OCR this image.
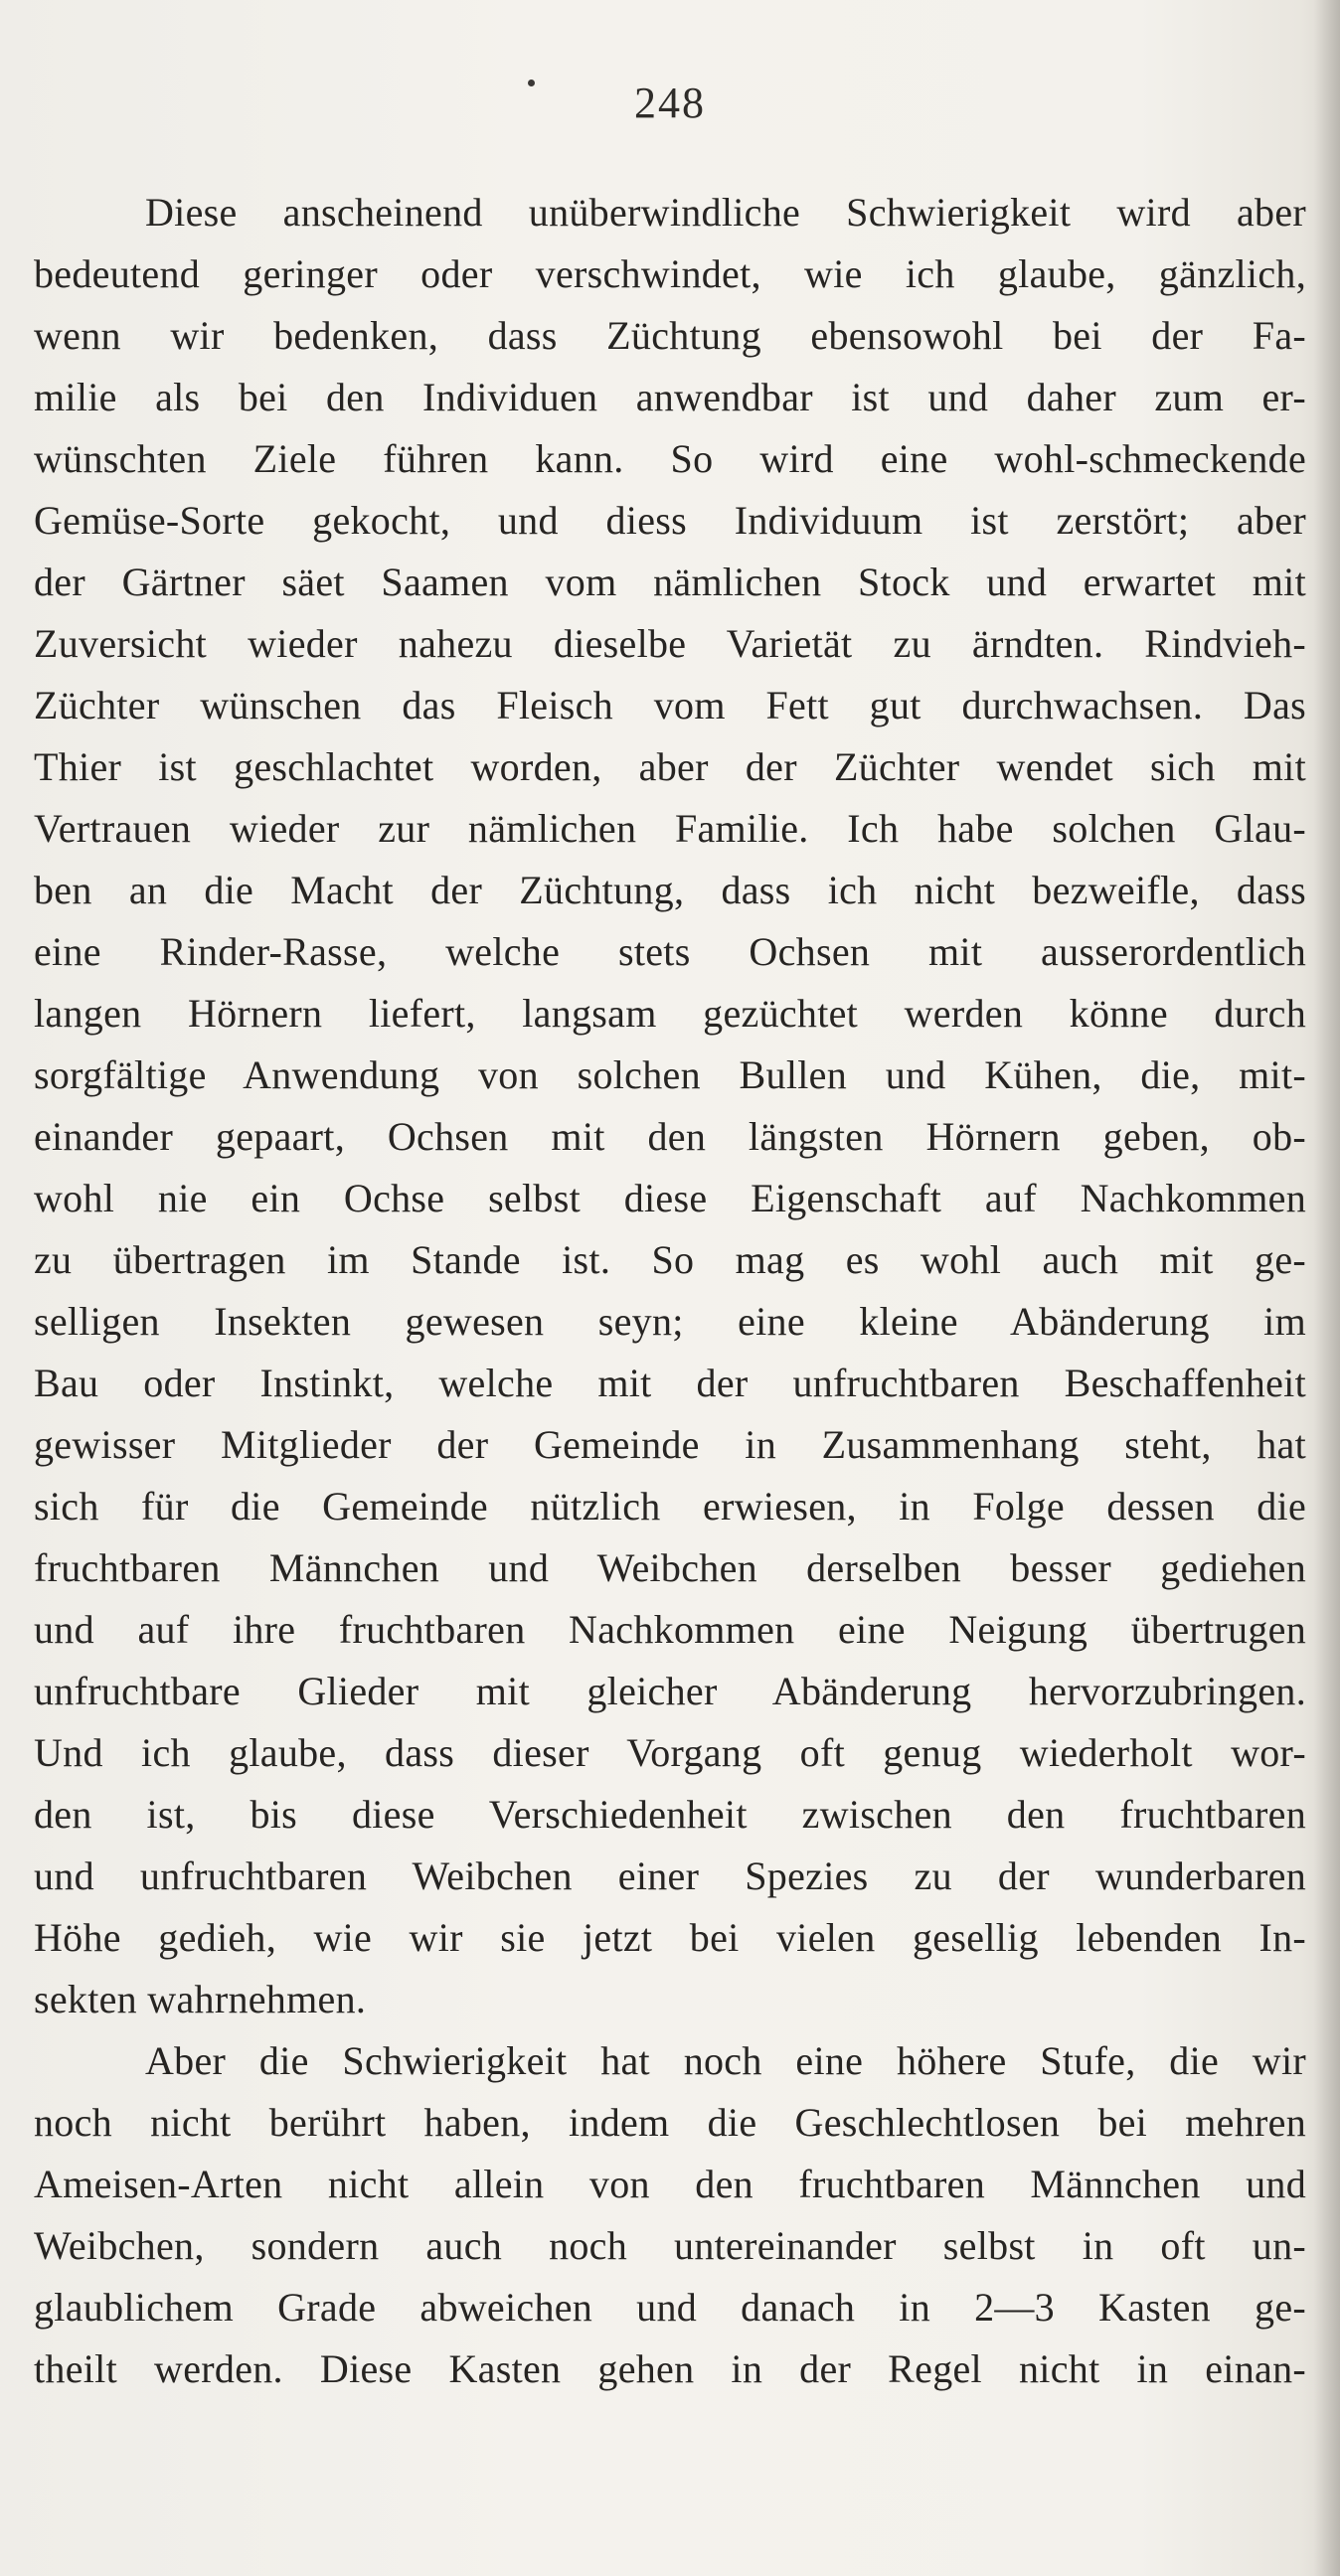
248
Diese anscheinend unüberwindliche Schwierigkeit wird aber
bedeutend geringer oder verschwindet, wie ich glaube, gänzlich,
wenn wir bedenken, dass Züchtung ebensowohl bei der Fa-
milie als bei den Individuen anwendbar ist und daher zum er-
wünschten Ziele führen kann. So wird eine wohl-schmeckende
Gemüse-Sorte gekocht, und diess Individuum ist zerstört; aber
der Gärtner säet Saamen vom nämlichen Stock und erwartet mit
Zuversicht wieder nahezu dieselbe Varietät zu ärndten. Rindvieh-
Züchter wünschen das Fleisch vom Fett gut durchwachsen. Das
Thier ist geschlachtet worden, aber der Züchter wendet sich mit
Vertrauen wieder zur nämlichen Familie. Ich habe solchen Glau-
ben an die Macht der Züchtung, dass ich nicht bezweifle, dass
eine Rinder-Rasse, welche stets Ochsen mit ausserordentlich
langen Hörnern liefert, langsam gezüchtet werden könne durch
sorgfältige Anwendung von solchen Bullen und Kühen, die, mit-
einander gepaart, Ochsen mit den längsten Hörnern geben, ob-
wohl nie ein Ochse selbst diese Eigenschaft auf Nachkommen
zu übertragen im Stande ist. So mag es wohl auch mit ge-
selligen Insekten gewesen seyn; eine kleine Abänderung im
Bau oder Instinkt, welche mit der unfruchtbaren Beschaffenheit
gewisser Mitglieder der Gemeinde in Zusammenhang steht, hat
sich für die Gemeinde nützlich erwiesen, in Folge dessen die
fruchtbaren Männchen und Weibchen derselben besser gediehen
und auf ihre fruchtbaren Nachkommen eine Neigung übertrugen
unfruchtbare Glieder mit gleicher Abänderung hervorzubringen.
Und ich glaube, dass dieser Vorgang oft genug wiederholt wor-
den ist, bis diese Verschiedenheit zwischen den fruchtbaren
und unfruchtbaren Weibchen einer Spezies zu der wunderbaren
Höhe gedieh, wie wir sie jetzt bei vielen gesellig lebenden In-
sekten wahrnehmen.
Aber die Schwierigkeit hat noch eine höhere Stufe, die wir
noch nicht berührt haben, indem die Geschlechtlosen bei mehren
Ameisen-Arten nicht allein von den fruchtbaren Männchen und
Weibchen, sondern auch noch untereinander selbst in oft un-
glaublichem Grade abweichen und danach in 2—3 Kasten ge-
theilt werden. Diese Kasten gehen in der Regel nicht in einan-
